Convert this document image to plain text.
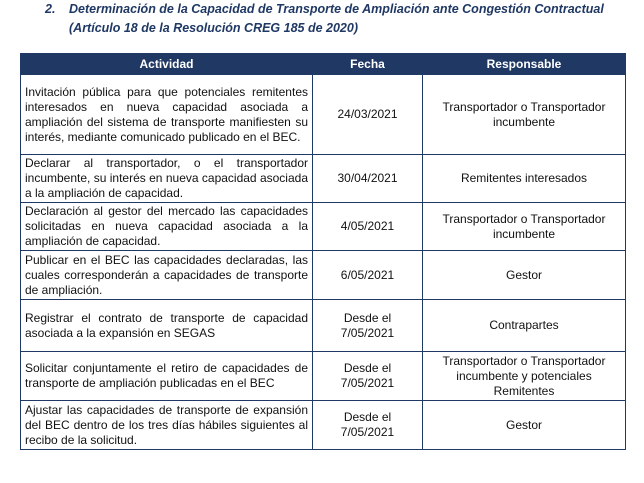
2. Determinación de la Capacidad de Transporte de Ampliación ante Congestión Contractual
(Artículo 18 de la Resolución CREG 185 de 2020)
Actividad	Fecha	Responsable
Invitación pública para que potenciales remitentes interesados en nueva capacidad asociada a ampliación del sistema de transporte manifiesten su interés, mediante comunicado publicado en el BEC.	24/03/2021	Transportador o Transportador incumbente
Declarar al transportador, o el transportador incumbente, su interés en nueva capacidad asociada a la ampliación de capacidad.	30/04/2021	Remitentes interesados
Declaración al gestor del mercado las capacidades solicitadas en nueva capacidad asociada a la ampliación de capacidad.	4/05/2021	Transportador o Transportador incumbente
Publicar en el BEC las capacidades declaradas, las cuales corresponderán a capacidades de transporte de ampliación.	6/05/2021	Gestor
Registrar el contrato de transporte de capacidad asociada a la expansión en SEGAS	Desde el 7/05/2021	Contrapartes
Solicitar conjuntamente el retiro de capacidades de transporte de ampliación publicadas en el BEC	Desde el 7/05/2021	Transportador o Transportador incumbente y potenciales Remitentes
Ajustar las capacidades de transporte de expansión del BEC dentro de los tres días hábiles siguientes al recibo de la solicitud.	Desde el 7/05/2021	Gestor
